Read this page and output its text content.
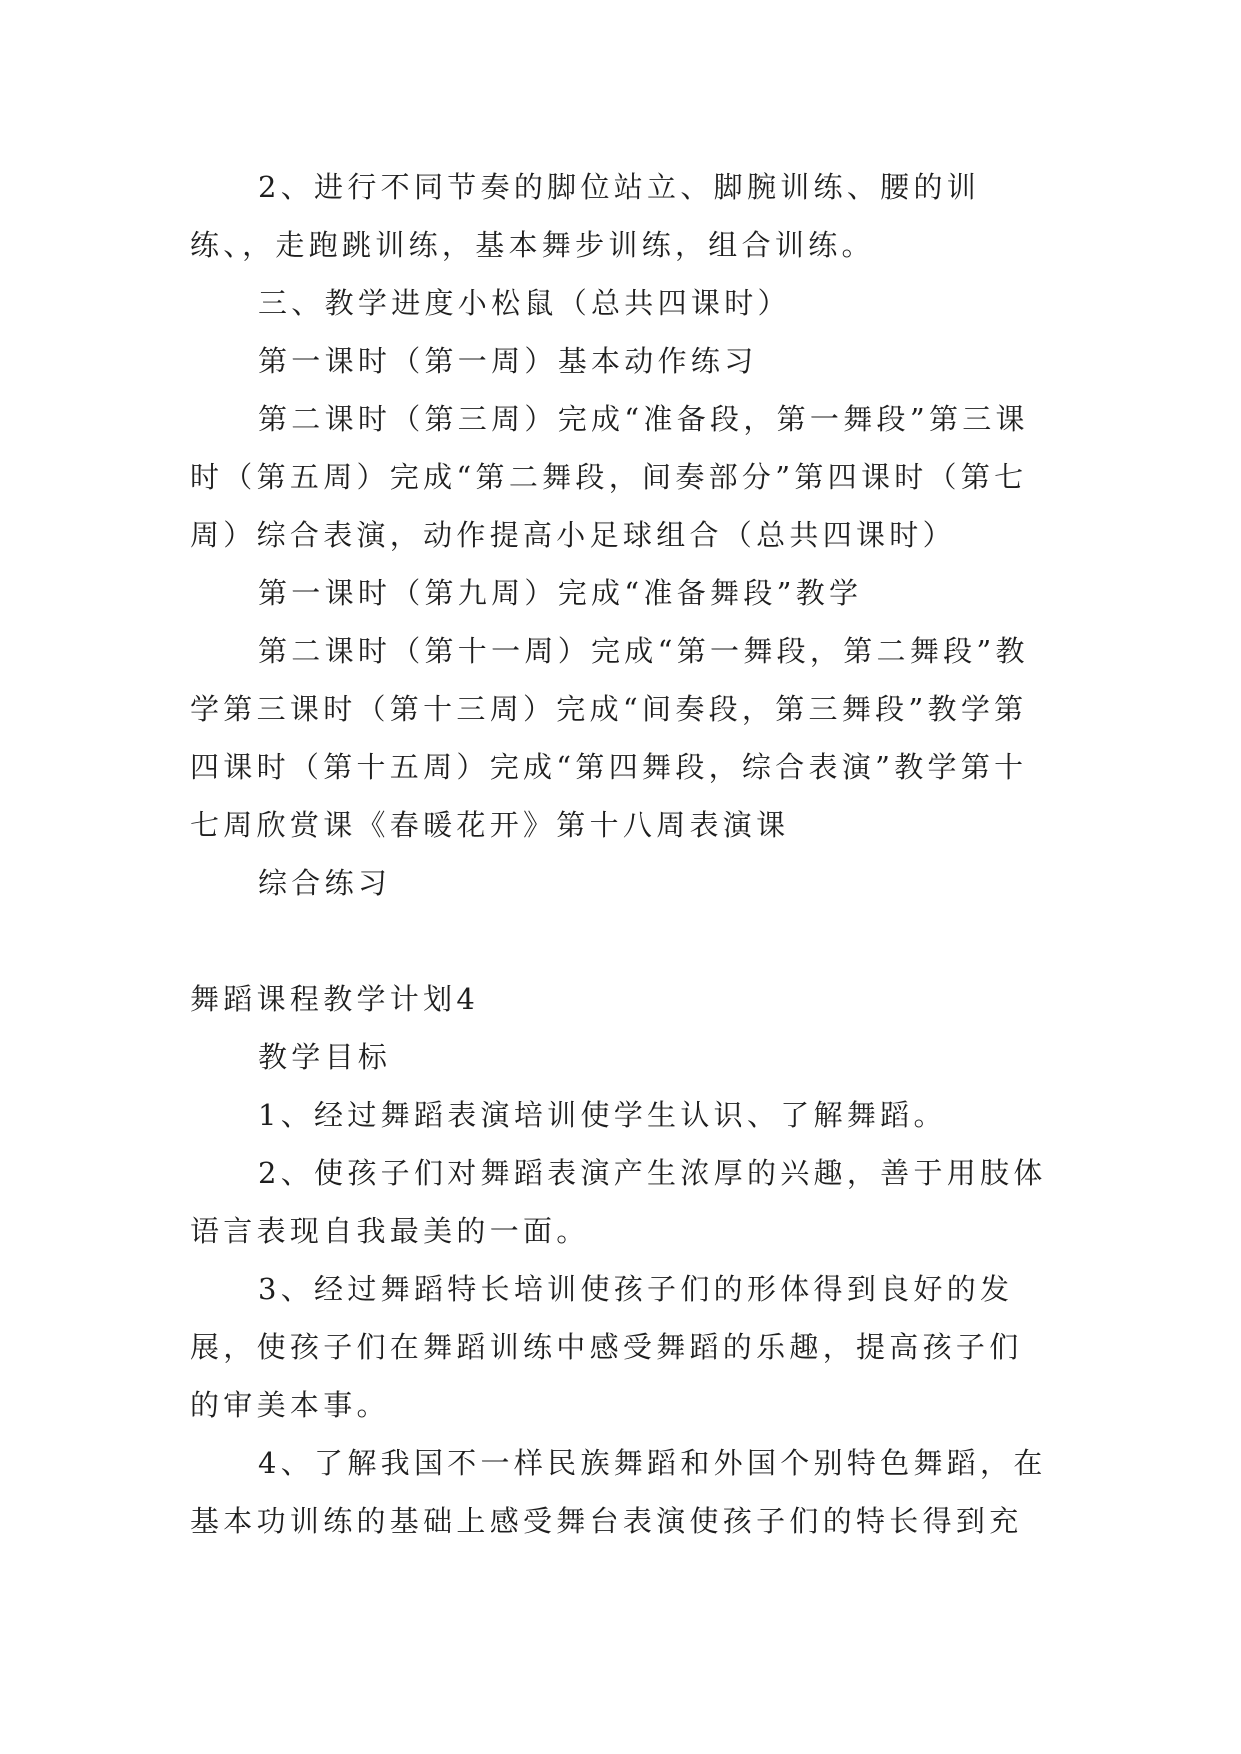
2、进行不同节奏的脚位站立、脚腕训练、腰的训练、，走跑跳训练，基本舞步训练，组合训练。

三、教学进度小松鼠（总共四课时）

第一课时（第一周）基本动作练习

第二课时（第三周）完成“准备段，第一舞段”第三课时（第五周）完成“第二舞段，间奏部分”第四课时（第七周）综合表演，动作提高小足球组合（总共四课时）

第一课时（第九周）完成“准备舞段”教学

第二课时（第十一周）完成“第一舞段，第二舞段”教学第三课时（第十三周）完成“间奏段，第三舞段”教学第四课时（第十五周）完成“第四舞段，综合表演”教学第十七周欣赏课《春暖花开》第十八周表演课

综合练习

舞蹈课程教学计划4

教学目标

1、经过舞蹈表演培训使学生认识、了解舞蹈。

2、使孩子们对舞蹈表演产生浓厚的兴趣，善于用肢体语言表现自我最美的一面。

3、经过舞蹈特长培训使孩子们的形体得到良好的发展，使孩子们在舞蹈训练中感受舞蹈的乐趣，提高孩子们的审美本事。

4、了解我国不一样民族舞蹈和外国个别特色舞蹈，在基本功训练的基础上感受舞台表演使孩子们的特长得到充
